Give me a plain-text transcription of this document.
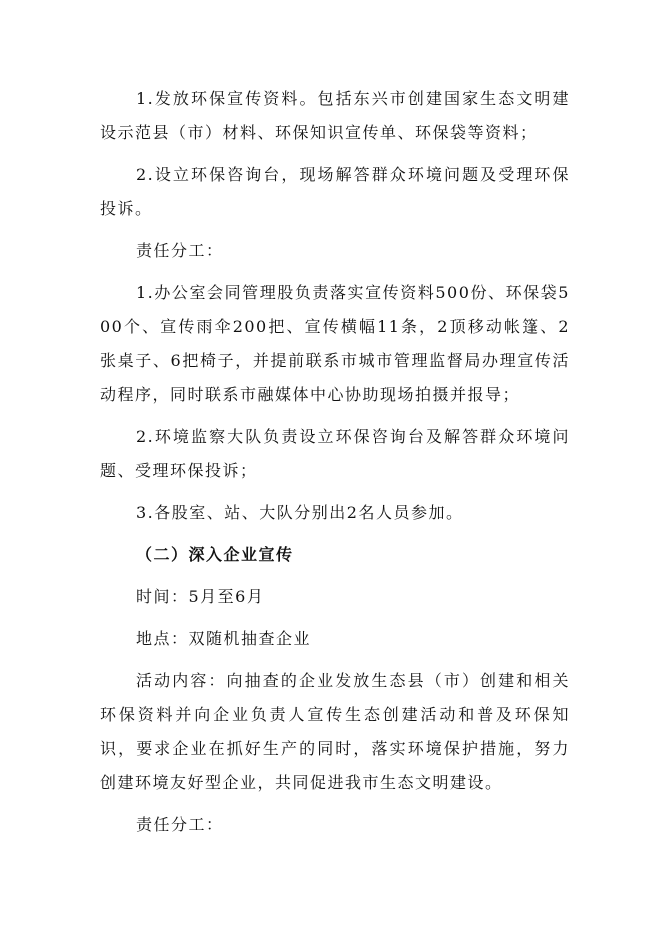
1.发放环保宣传资料。包括东兴市创建国家生态文明建设示范县（市）材料、环保知识宣传单、环保袋等资料；

2.设立环保咨询台，现场解答群众环境问题及受理环保投诉。

责任分工：

1.办公室会同管理股负责落实宣传资料500份、环保袋500个、宣传雨伞200把、宣传横幅11条，2顶移动帐篷、2张桌子、6把椅子，并提前联系市城市管理监督局办理宣传活动程序，同时联系市融媒体中心协助现场拍摄并报导；

2.环境监察大队负责设立环保咨询台及解答群众环境问题、受理环保投诉；

3.各股室、站、大队分别出2名人员参加。

（二）深入企业宣传

时间：5月至6月

地点：双随机抽查企业

活动内容：向抽查的企业发放生态县（市）创建和相关环保资料并向企业负责人宣传生态创建活动和普及环保知识，要求企业在抓好生产的同时，落实环境保护措施，努力创建环境友好型企业，共同促进我市生态文明建设。

责任分工：
